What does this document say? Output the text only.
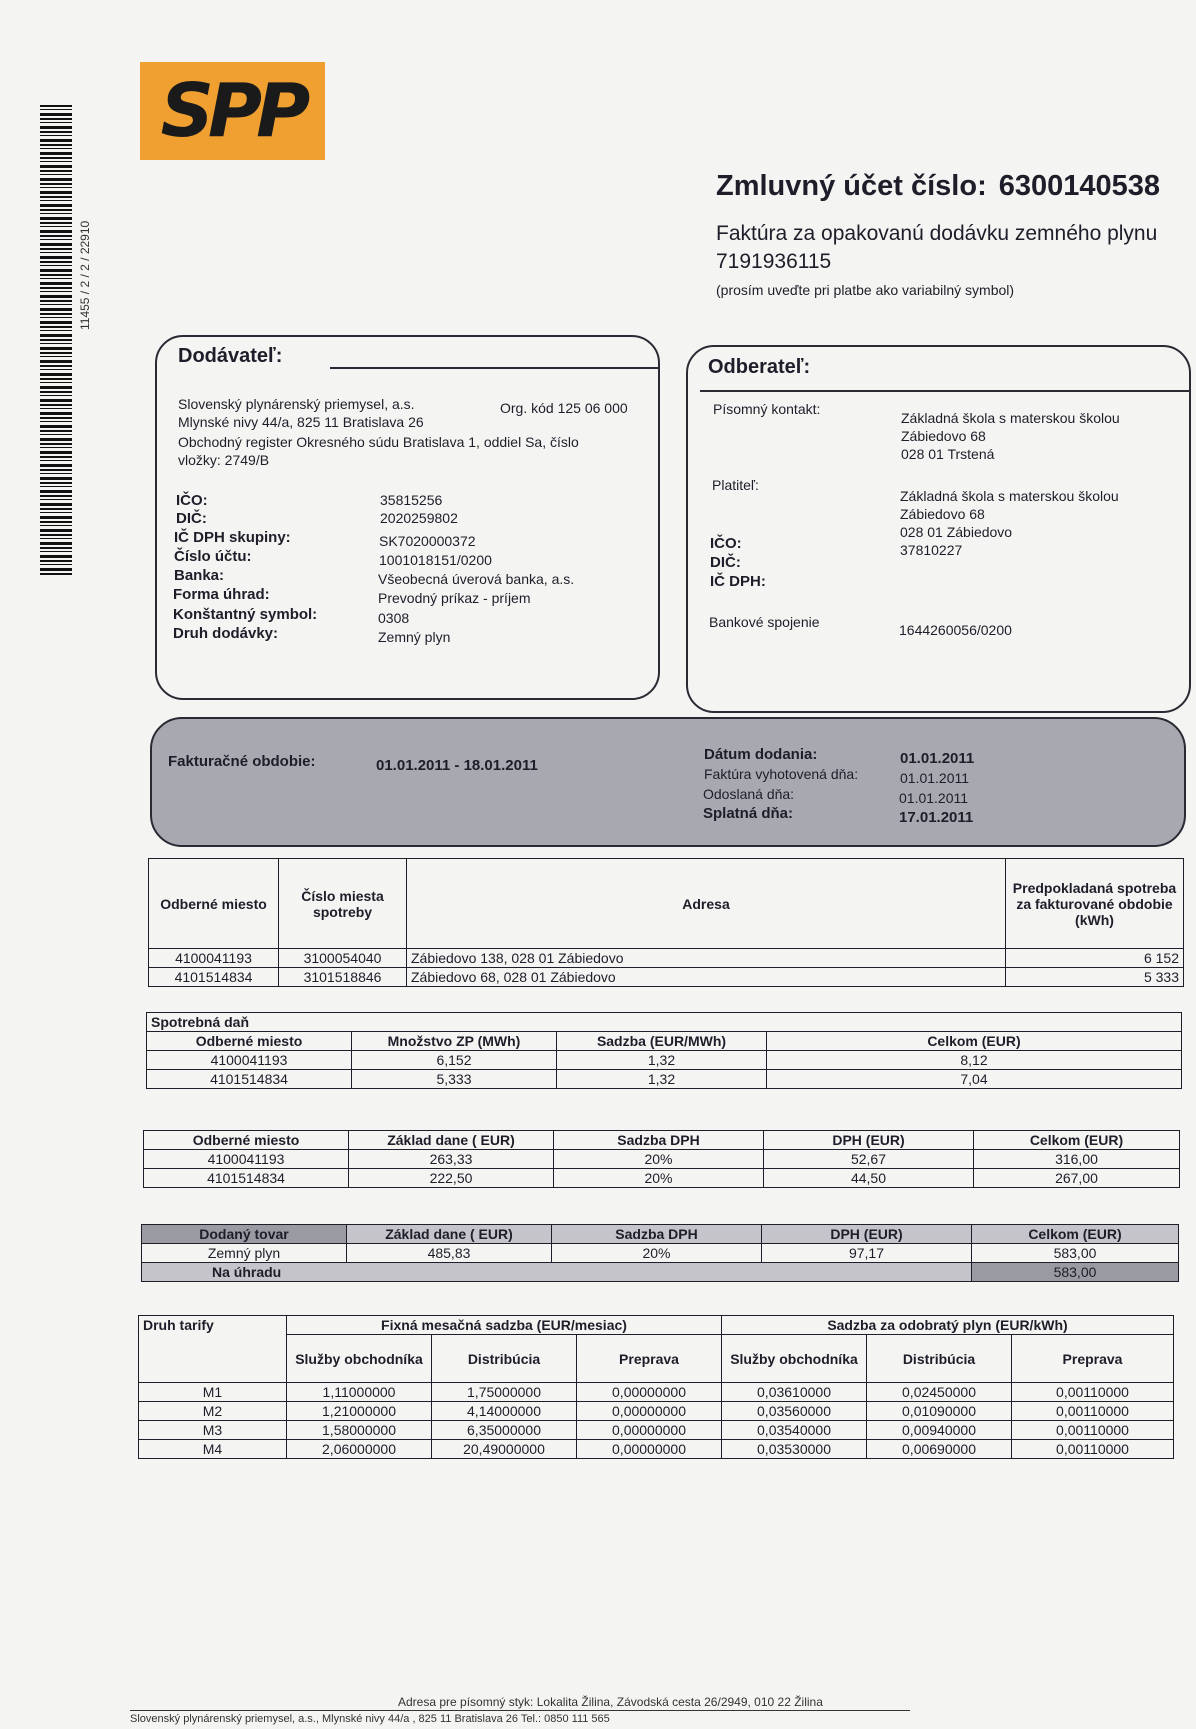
11455 / 2 / 2 / 22910
SPP
Zmluvný účet číslo: 6300140538
Faktúra za opakovanú dodávku zemného plynu
7191936115
(prosím uveďte pri platbe ako variabilný symbol)
Dodávateľ:
Slovenský plynárenský priemysel, a.s.	Org. kód 125 06 000
Mlynské nivy 44/a, 825 11 Bratislava 26
Obchodný register Okresného súdu Bratislava 1, oddiel Sa, číslo
vložky: 2749/B
IČO:	35815256
DIČ:	2020259802
IČ DPH skupiny:	SK7020000372
Číslo účtu:	1001018151/0200
Banka:	Všeobecná úverová banka, a.s.
Forma úhrad:	Prevodný príkaz - príjem
Konštantný symbol:	0308
Druh dodávky:	Zemný plyn
Odberateľ:
Písomný kontakt:
Základná škola s materskou školou
Zábiedovo 68
028 01 Trstená
Platiteľ:
Základná škola s materskou školou
Zábiedovo 68
028 01 Zábiedovo
IČO:	37810227
DIČ:
IČ DPH:
Bankové spojenie	1644260056/0200
Fakturačné obdobie:	01.01.2011 - 18.01.2011
Dátum dodania:	01.01.2011
Faktúra vyhotovená dňa:	01.01.2011
Odoslaná dňa:	01.01.2011
Splatná dňa:	17.01.2011
Odberné miesto	Číslo miesta spotreby	Adresa	Predpokladaná spotreba za fakturované obdobie (kWh)
4100041193	3100054040	Zábiedovo 138, 028 01 Zábiedovo	6 152
4101514834	3101518846	Zábiedovo 68, 028 01 Zábiedovo	5 333
Spotrebná daň			
Odberné miesto	Množstvo ZP (MWh)	Sadzba (EUR/MWh)	Celkom (EUR)
4100041193	6,152	1,32	8,12
4101514834	5,333	1,32	7,04
Odberné miesto	Základ dane ( EUR)	Sadzba DPH	DPH (EUR)	Celkom (EUR)
4100041193	263,33	20%	52,67	316,00
4101514834	222,50	20%	44,50	267,00
Dodaný tovar	Základ dane ( EUR)	Sadzba DPH	DPH (EUR)	Celkom (EUR)
Zemný plyn	485,83	20%	97,17	583,00
Na úhradu				583,00
Druh tarify	Fixná mesačná sadzba (EUR/mesiac)			Sadzba za odobratý plyn (EUR/kWh)		
	Služby obchodníka	Distribúcia	Preprava	Služby obchodníka	Distribúcia	Preprava
M1	1,11000000	1,75000000	0,00000000	0,03610000	0,02450000	0,00110000
M2	1,21000000	4,14000000	0,00000000	0,03560000	0,01090000	0,00110000
M3	1,58000000	6,35000000	0,00000000	0,03540000	0,00940000	0,00110000
M4	2,06000000	20,49000000	0,00000000	0,03530000	0,00690000	0,00110000
Adresa pre písomný styk: Lokalita Žilina, Závodská cesta 26/2949, 010 22 Žilina
Slovenský plynárenský priemysel, a.s., Mlynské nivy 44/a , 825 11 Bratislava 26 Tel.: 0850 111 565
